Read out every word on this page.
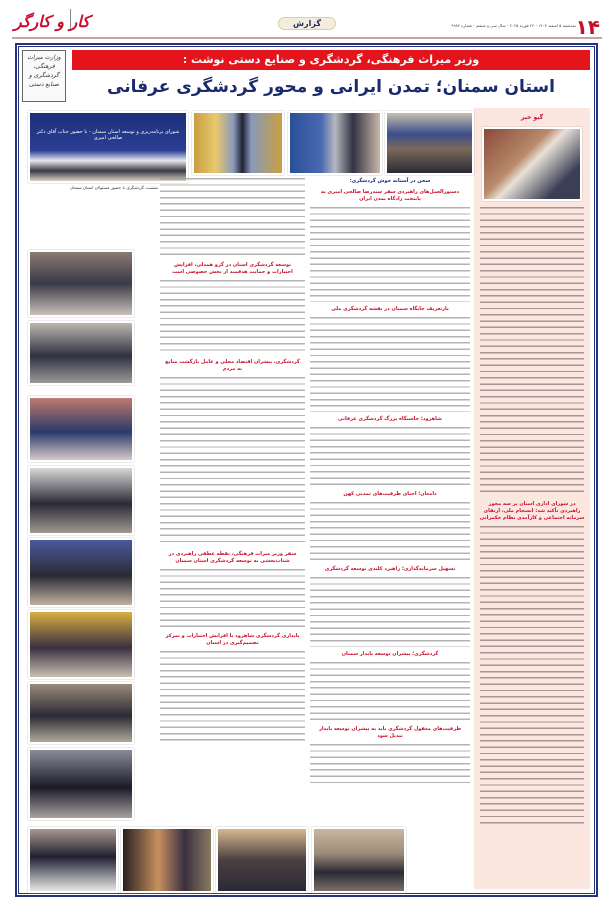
۱۴
سه‌شنبه ۵ اسفند ۱۴۰۳ - ۲۴ فوریه ۲۰۲۵ - سال سی و ششم - شماره ۹۹۸۴
گزارش
کار و کارگر
وزارت میراث فرهنگی، گردشگری و صنایع دستی
وزیر میراث فرهنگی، گردشگری و صنایع دستی نوشت :
استان سمنان؛ تمدن ایرانی و محور گردشگری عرفانی
گیو خبر
در شورای اداری استان بر سه محور راهبردی تأکید شد: انسجام ملی، ارتقای سرمایه اجتماعی و کارآمدی نظام حکمرانی
شورای برنامه‌ریزی و توسعه استان سمنان - با حضور جناب آقای دکتر صالحی امیری
سخن در آستانه جوش گردشگری:
دستورالعمل‌های راهبردی سفر سیدرضا صالحی امیری به پایتخت زادگاه تمدن ایران
بازتعریف جایگاه سمنان در نقشه گردشگری ملی
شاهرود؛ خاستگاه بزرگ گردشگری عرفانی
دامغان؛ احیای ظرفیت‌های تمدنی کهن
تسهیل سرمایه‌گذاری؛ راهبرد کلیدی توسعه گردشگری
گردشگری؛ پیشران توسعه پایدار سمنان
ظرفیت‌های مغفول گردشگری باید به پیشران توسعه پایدار تبدیل شود
توسعه گردشگری استان در گرو همدلی، افزایش اختیارات و حمایت هدفمند از بخش خصوصی است
گردشگری، پیشران اقتصاد محلی و عامل بازگشت منابع به مردم
سفر وزیر میراث فرهنگی، نقطه عطفی راهبردی در شتاب‌بخشی به توسعه گردشگری استان سمنان
پایداری گردشگری شاهرود با افزایش اختیارات و تمرکز تصمیم‌گیری در استان
نشست گردشگری با حضور مسئولان استان سمنان
